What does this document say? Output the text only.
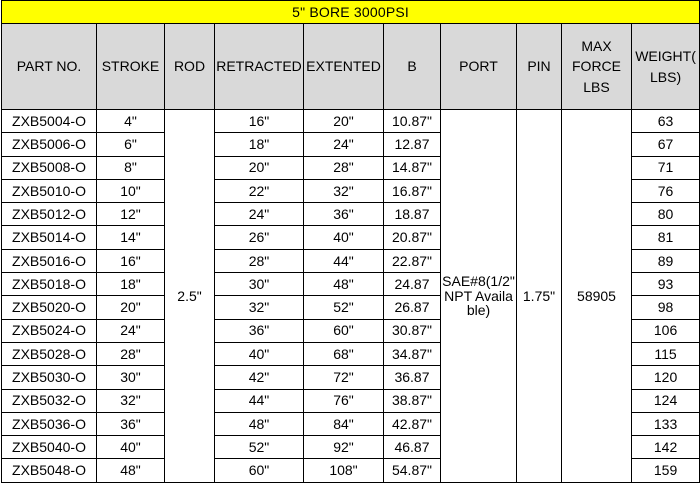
5" BORE 3000PSI									
PART NO.	STROKE	ROD	RETRACTED	EXTENTED	B	PORT	PIN	MAX FORCE LBS	WEIGHT( LBS)
ZXB5004-O	4"	2.5"	16"	20"	10.87"	SAE#8(1/2" NPT Available)	1.75"	58905	63
ZXB5006-O	6"		18"	24"	12.87				67
ZXB5008-O	8"		20"	28"	14.87"				71
ZXB5010-O	10"		22"	32"	16.87"				76
ZXB5012-O	12"		24"	36"	18.87				80
ZXB5014-O	14"		26"	40"	20.87"				81
ZXB5016-O	16"		28"	44"	22.87"				89
ZXB5018-O	18"		30"	48"	24.87				93
ZXB5020-O	20"		32"	52"	26.87				98
ZXB5024-O	24"		36"	60"	30.87"				106
ZXB5028-O	28"		40"	68"	34.87"				115
ZXB5030-O	30"		42"	72"	36.87				120
ZXB5032-O	32"		44"	76"	38.87"				124
ZXB5036-O	36"		48"	84"	42.87"				133
ZXB5040-O	40"		52"	92"	46.87				142
ZXB5048-O	48"		60"	108"	54.87"				159
